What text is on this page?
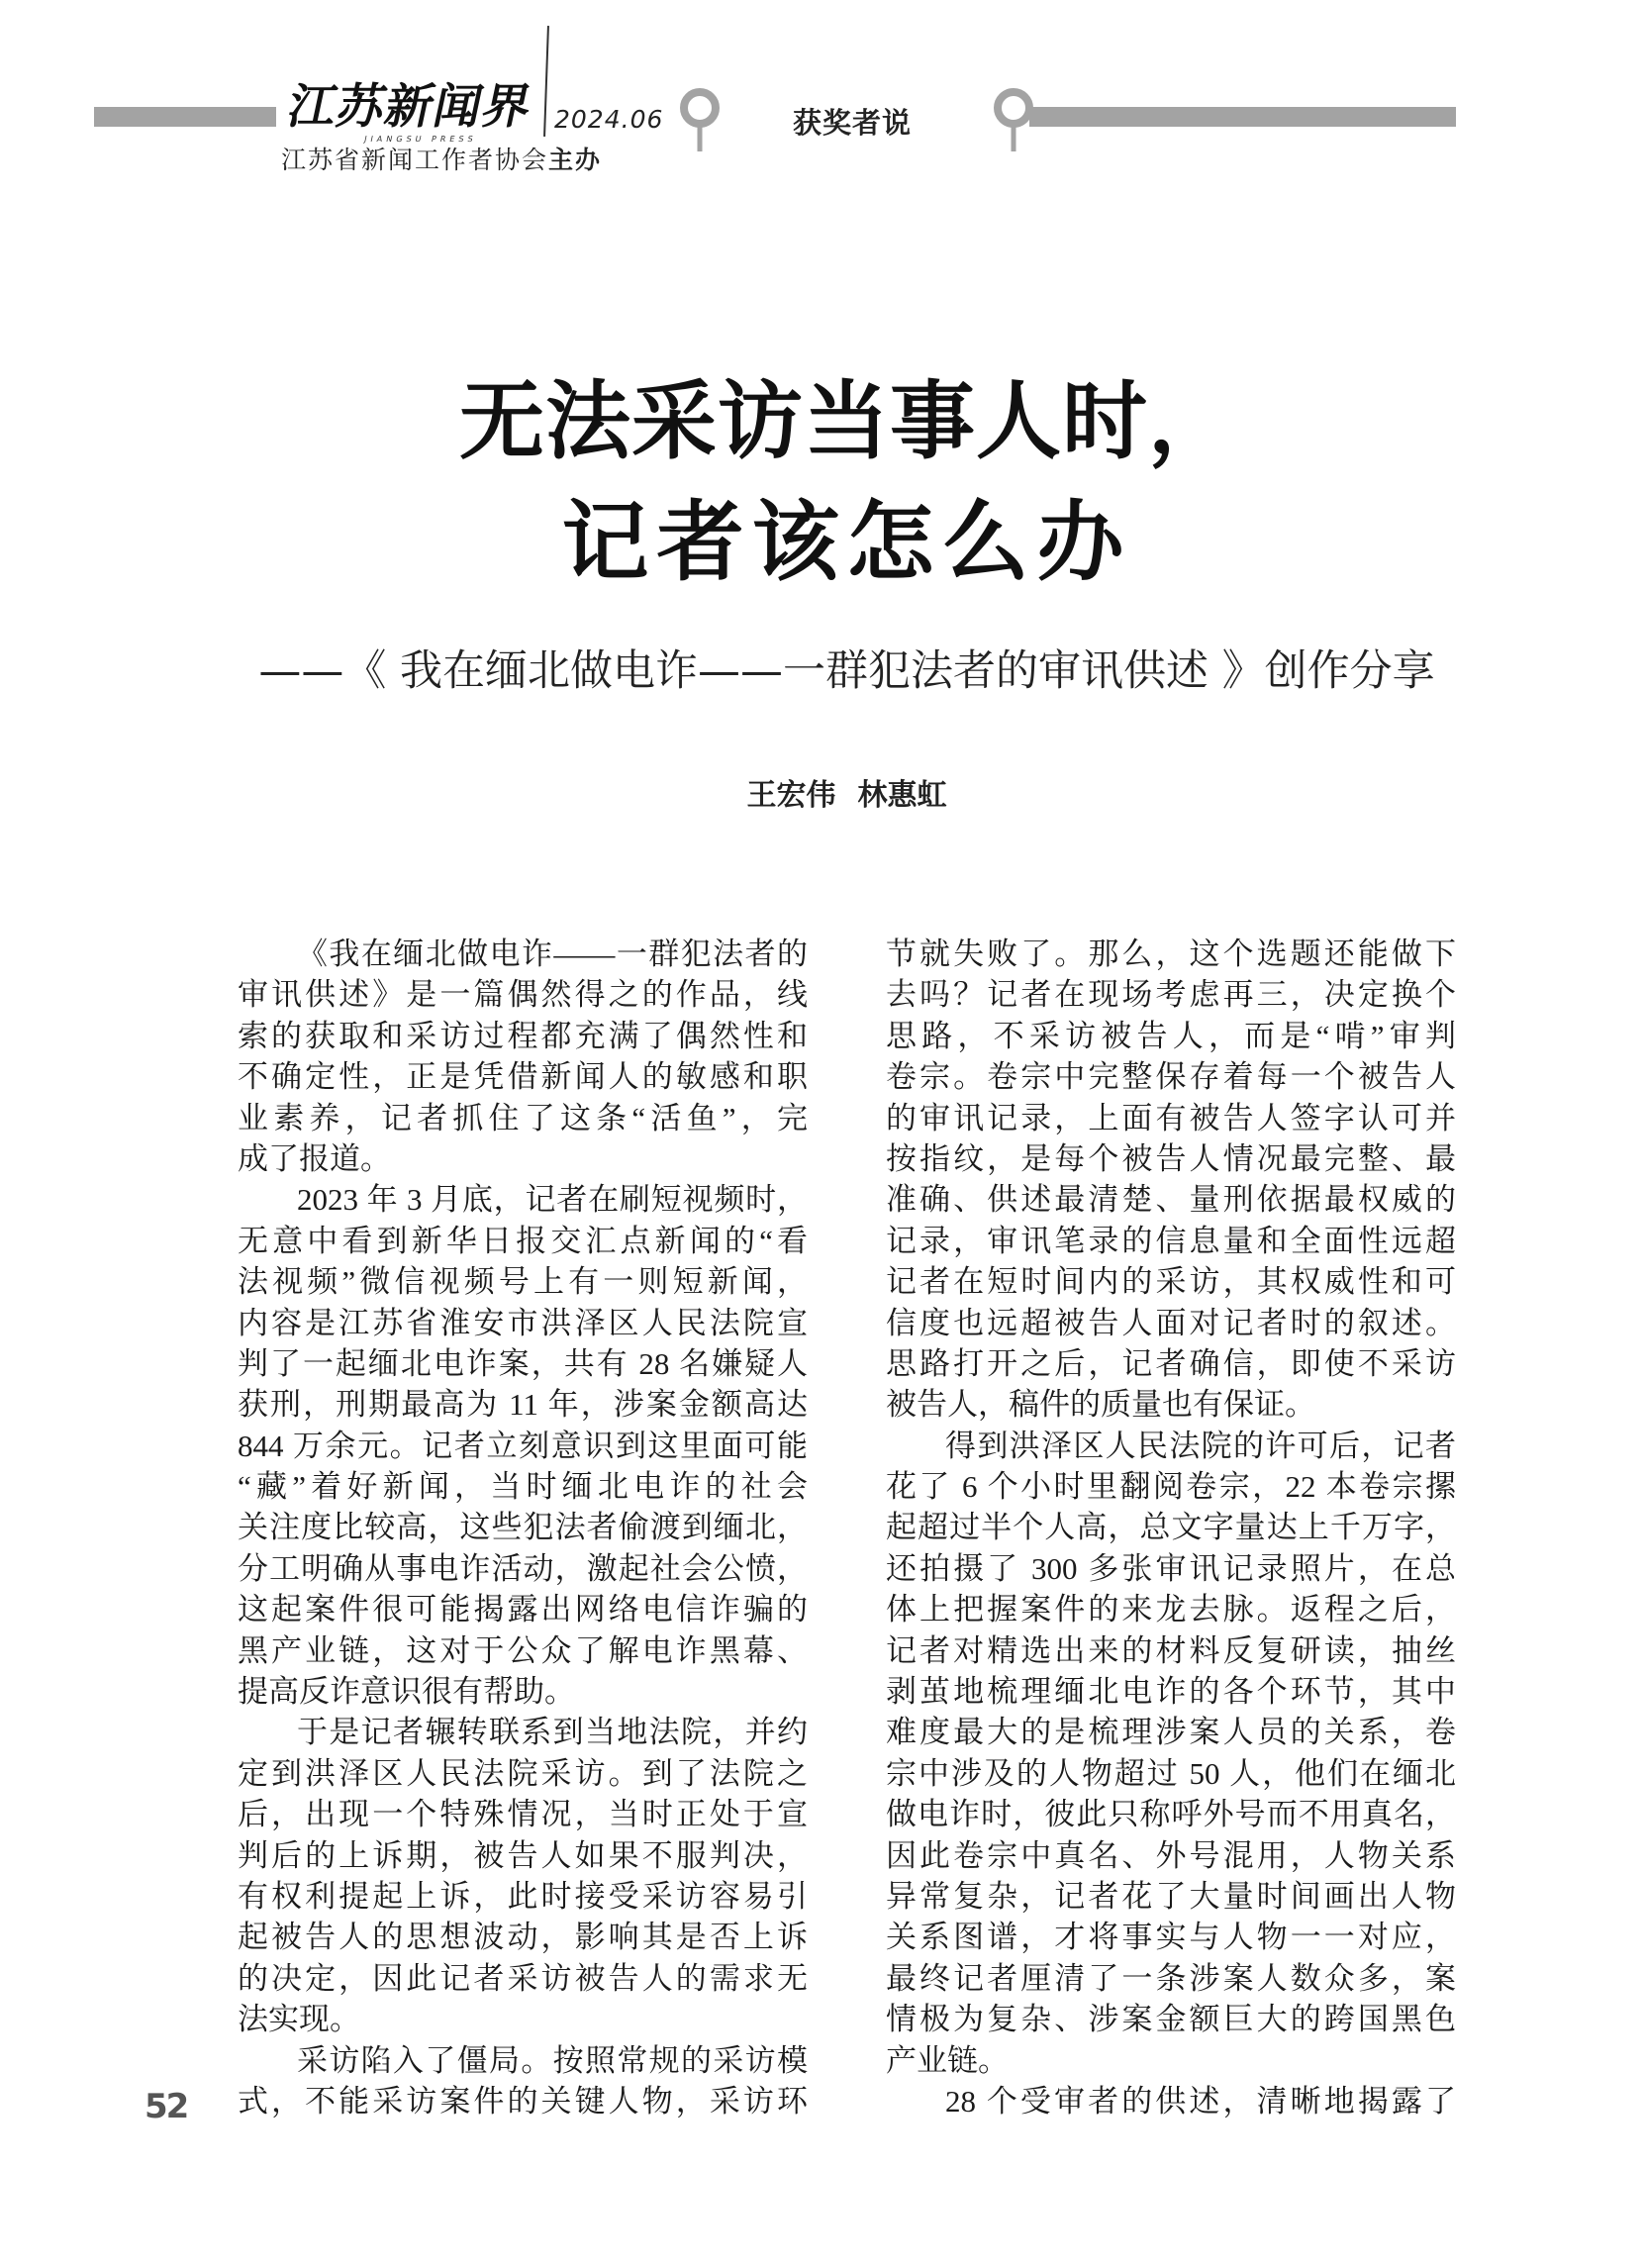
江苏新闻界
JIANGSU PRESS
2024.06
江苏省新闻工作者协会主办
获奖者说
无法采访当事人时，
记者该怎么办
——《 我在缅北做电诈——一群犯法者的审讯供述 》创作分享
王宏伟 林惠虹
《我在缅北做电诈——一群犯法者的
审讯供述》是一篇偶然得之的作品，线
索的获取和采访过程都充满了偶然性和
不确定性，正是凭借新闻人的敏感和职
业素养，记者抓住了这条“活鱼”，完
成了报道。
2023 年 3 月底，记者在刷短视频时，
无意中看到新华日报交汇点新闻的“看
法视频”微信视频号上有一则短新闻，
内容是江苏省淮安市洪泽区人民法院宣
判了一起缅北电诈案，共有 28 名嫌疑人
获刑，刑期最高为 11 年，涉案金额高达
844 万余元。记者立刻意识到这里面可能
“藏”着好新闻，当时缅北电诈的社会
关注度比较高，这些犯法者偷渡到缅北，
分工明确从事电诈活动，激起社会公愤，
这起案件很可能揭露出网络电信诈骗的
黑产业链，这对于公众了解电诈黑幕、
提高反诈意识很有帮助。
于是记者辗转联系到当地法院，并约
定到洪泽区人民法院采访。到了法院之
后，出现一个特殊情况，当时正处于宣
判后的上诉期，被告人如果不服判决，
有权利提起上诉，此时接受采访容易引
起被告人的思想波动，影响其是否上诉
的决定，因此记者采访被告人的需求无
法实现。
采访陷入了僵局。按照常规的采访模
式，不能采访案件的关键人物，采访环
节就失败了。那么，这个选题还能做下
去吗？记者在现场考虑再三，决定换个
思路，不采访被告人，而是“啃”审判
卷宗。卷宗中完整保存着每一个被告人
的审讯记录，上面有被告人签字认可并
按指纹，是每个被告人情况最完整、最
准确、供述最清楚、量刑依据最权威的
记录，审讯笔录的信息量和全面性远超
记者在短时间内的采访，其权威性和可
信度也远超被告人面对记者时的叙述。
思路打开之后，记者确信，即使不采访
被告人，稿件的质量也有保证。
得到洪泽区人民法院的许可后，记者
花了 6 个小时里翻阅卷宗，22 本卷宗摞
起超过半个人高，总文字量达上千万字，
还拍摄了 300 多张审讯记录照片，在总
体上把握案件的来龙去脉。返程之后，
记者对精选出来的材料反复研读，抽丝
剥茧地梳理缅北电诈的各个环节，其中
难度最大的是梳理涉案人员的关系，卷
宗中涉及的人物超过 50 人，他们在缅北
做电诈时，彼此只称呼外号而不用真名，
因此卷宗中真名、外号混用，人物关系
异常复杂，记者花了大量时间画出人物
关系图谱，才将事实与人物一一对应，
最终记者厘清了一条涉案人数众多，案
情极为复杂、涉案金额巨大的跨国黑色
产业链。
28 个受审者的供述，清晰地揭露了
52
